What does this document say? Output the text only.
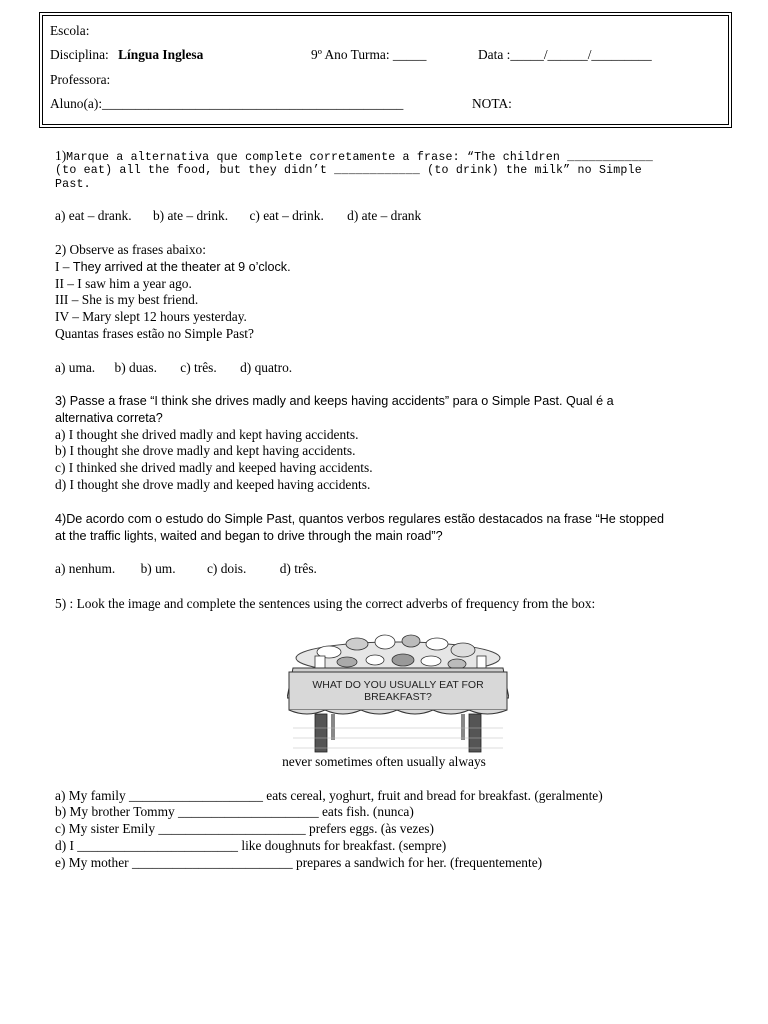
Escola:
Disciplina: Língua Inglesa	9º Ano Turma: _____	Data :_____/______/_________
Professora:
Aluno(a):_____________________________________________	NOTA:
1)Marque a alternativa que complete corretamente a frase: “The children ____________
(to eat) all the food, but they didn’t ____________ (to drink) the milk” no Simple
Past.
a) eat – drank. b) ate – drink. c) eat – drink. d) ate – drank
2) Observe as frases abaixo:
I – They arrived at the theater at 9 o’clock.
II – I saw him a year ago.
III – She is my best friend.
IV – Mary slept 12 hours yesterday.
Quantas frases estão no Simple Past?
a) uma. b) duas. c) três. d) quatro.
3) Passe a frase “I think she drives madly and keeps having accidents” para o Simple Past. Qual é a
alternativa correta?
a) I thought she drived madly and kept having accidents.
b) I thought she drove madly and kept having accidents.
c) I thinked she drived madly and keeped having accidents.
d) I thought she drove madly and keeped having accidents.
4)De acordo com o estudo do Simple Past, quantos verbos regulares estão destacados na frase “He stopped
at the traffic lights, waited and began to drive through the main road”?
a) nenhum. b) um. c) dois. d) três.
5) : Look the image and complete the sentences using the correct adverbs of frequency from the box:
WHAT DO YOU USUALLY EAT FOR
BREAKFAST?
never sometimes often usually always
a) My family ____________________ eats cereal, yoghurt, fruit and bread for breakfast. (geralmente)
b) My brother Tommy _____________________ eats fish. (nunca)
c) My sister Emily ______________________ prefers eggs. (às vezes)
d) I ________________________ like doughnuts for breakfast. (sempre)
e) My mother ________________________ prepares a sandwich for her. (frequentemente)
